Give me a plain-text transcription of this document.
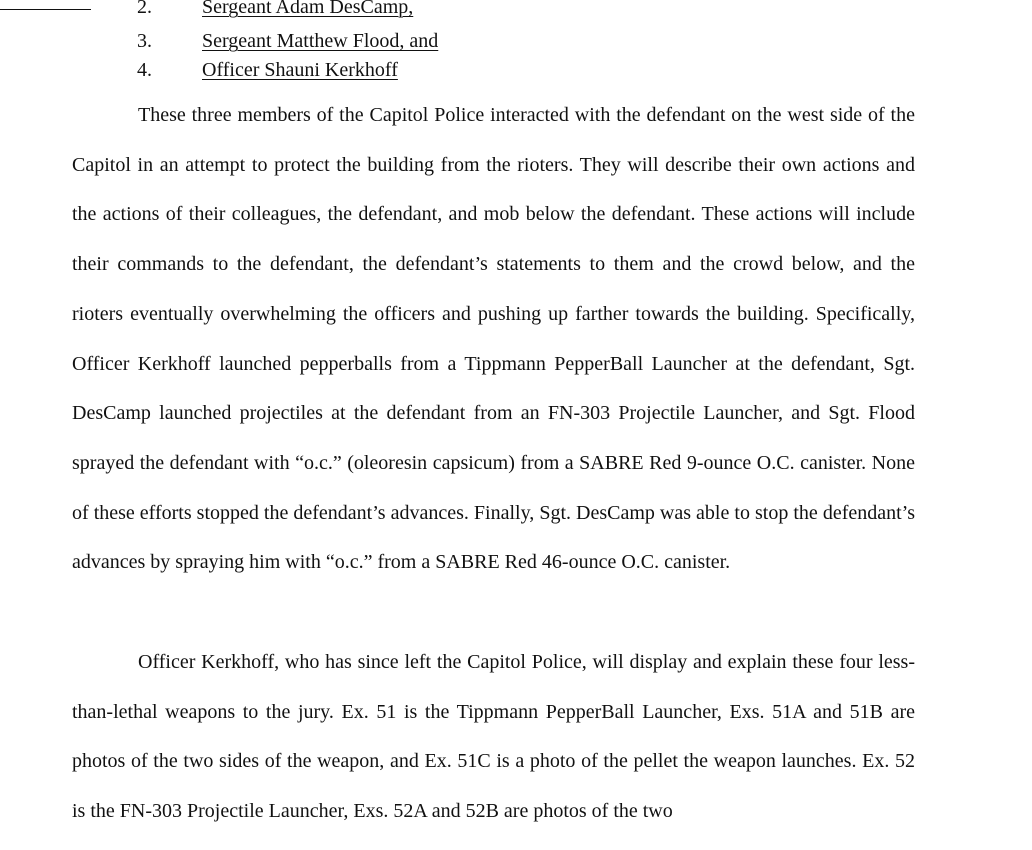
2.	Sergeant Adam DesCamp,
3.	Sergeant Matthew Flood, and
4.	Officer Shauni Kerkhoff

These three members of the Capitol Police interacted with the defendant on the west side of the Capitol in an attempt to protect the building from the rioters. They will describe their own actions and the actions of their colleagues, the defendant, and mob below the defendant. These actions will include their commands to the defendant, the defendant’s statements to them and the crowd below, and the rioters eventually overwhelming the officers and pushing up farther towards the building. Specifically, Officer Kerkhoff launched pepperballs from a Tippmann PepperBall Launcher at the defendant, Sgt. DesCamp launched projectiles at the defendant from an FN-303 Projectile Launcher, and Sgt. Flood sprayed the defendant with “o.c.” (oleoresin capsicum) from a SABRE Red 9-ounce O.C. canister. None of these efforts stopped the defendant’s advances. Finally, Sgt. DesCamp was able to stop the defendant’s advances by spraying him with “o.c.” from a SABRE Red 46-ounce O.C. canister.

Officer Kerkhoff, who has since left the Capitol Police, will display and explain these four less-than-lethal weapons to the jury. Ex. 51 is the Tippmann PepperBall Launcher, Exs. 51A and 51B are photos of the two sides of the weapon, and Ex. 51C is a photo of the pellet the weapon launches. Ex. 52 is the FN-303 Projectile Launcher, Exs. 52A and 52B are photos of the two
